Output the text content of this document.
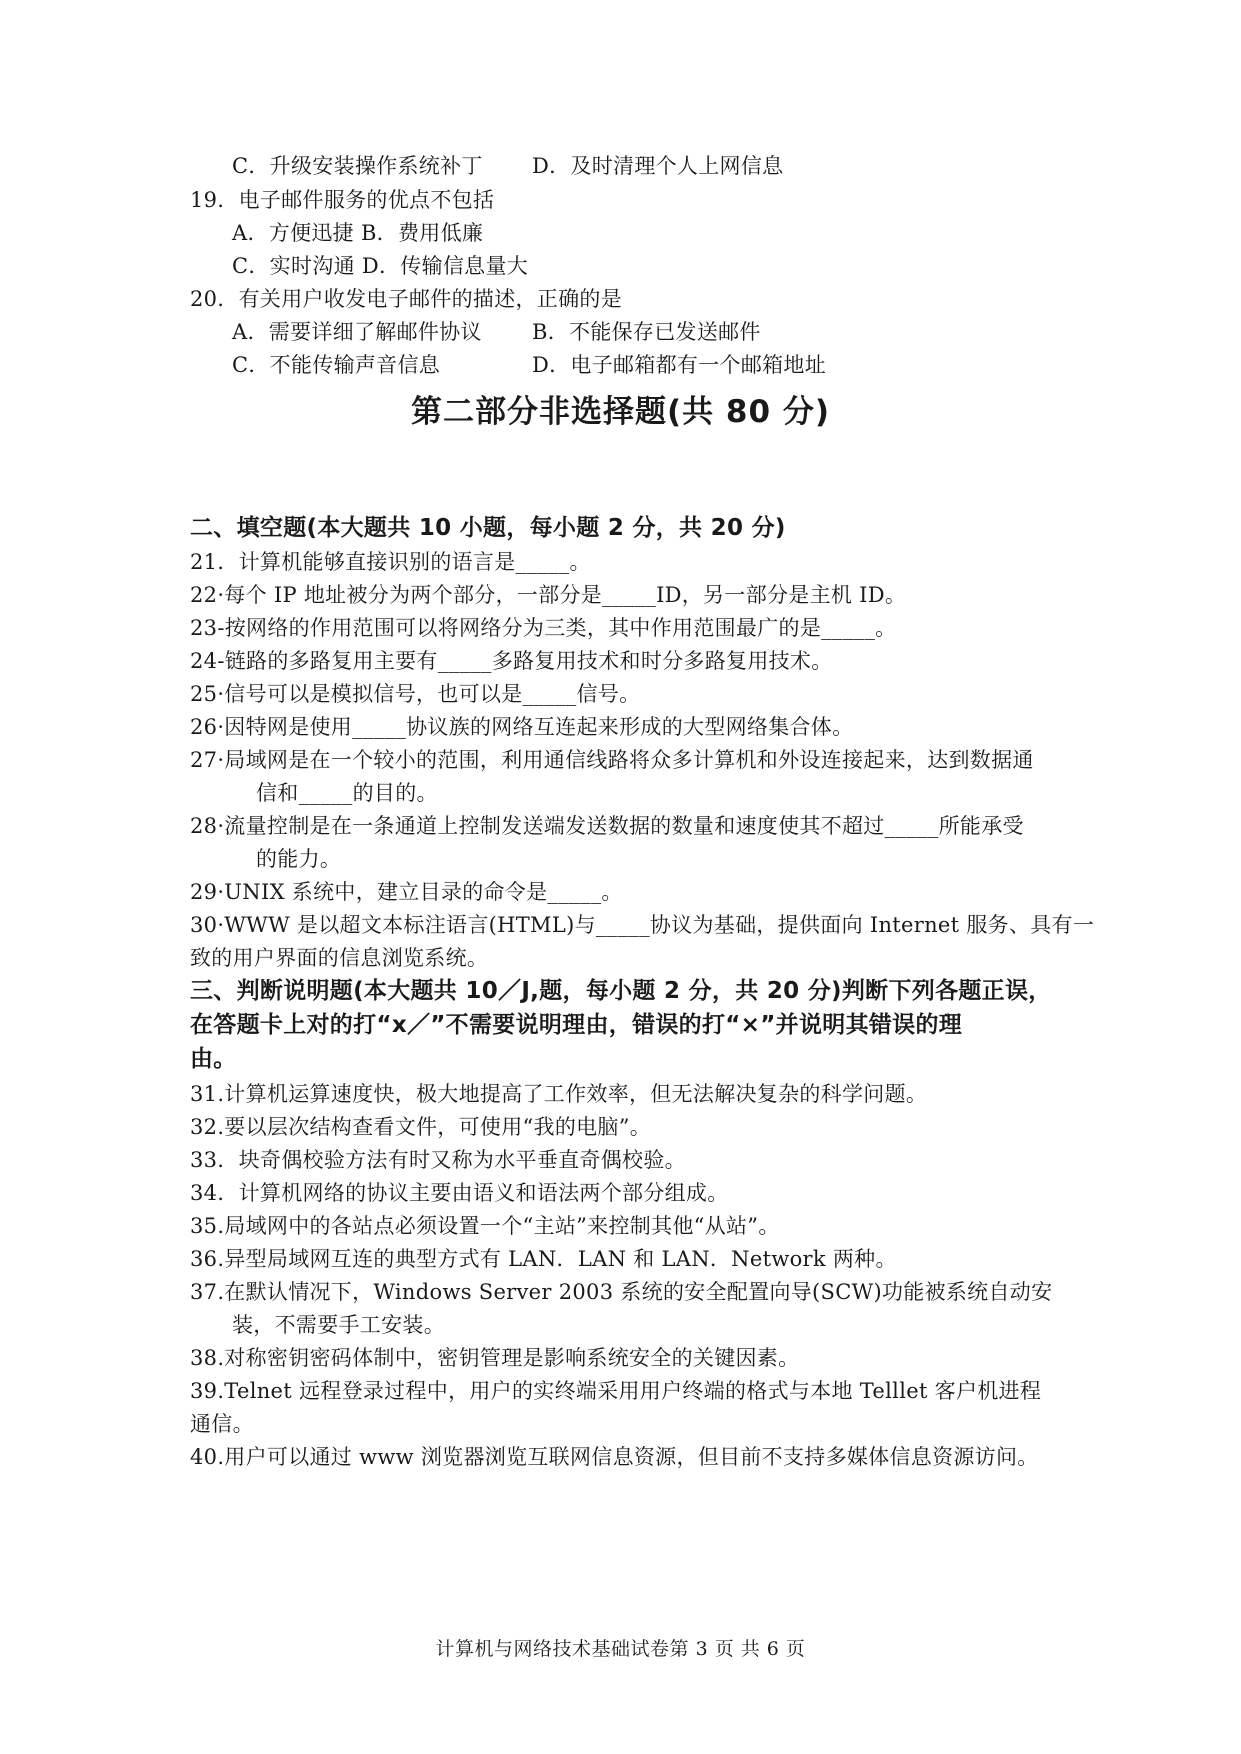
C．升级安装操作系统补丁 D．及时清理个人上网信息
19．电子邮件服务的优点不包括
A．方便迅捷 B．费用低廉
C．实时沟通 D．传输信息量大
20．有关用户收发电子邮件的描述，正确的是
A．需要详细了解邮件协议 B．不能保存已发送邮件
C．不能传输声音信息	D．电子邮箱都有一个邮箱地址
第二部分非选择题(共 80 分)
二、填空题(本大题共 10 小题，每小题 2 分，共 20 分)
21．计算机能够直接识别的语言是_____。
22·每个 IP 地址被分为两个部分，一部分是_____ID，另一部分是主机 ID。
23-按网络的作用范围可以将网络分为三类，其中作用范围最广的是_____。
24-链路的多路复用主要有_____多路复用技术和时分多路复用技术。
25·信号可以是模拟信号，也可以是_____信号。
26·因特网是使用_____协议族的网络互连起来形成的大型网络集合体。
27·局域网是在一个较小的范围，利用通信线路将众多计算机和外设连接起来，达到数据通
信和_____的目的。
28·流量控制是在一条通道上控制发送端发送数据的数量和速度使其不超过_____所能承受
的能力。
29·UNIX 系统中，建立目录的命令是_____。
30·WWW 是以超文本标注语言(HTML)与_____协议为基础，提供面向 Internet 服务、具有一
致的用户界面的信息浏览系统。
三、判断说明题(本大题共 10／J,题，每小题 2 分，共 20 分)判断下列各题正误，
在答题卡上对的打“x／”不需要说明理由，错误的打“×”并说明其错误的理
由。
31.计算机运算速度快，极大地提高了工作效率，但无法解决复杂的科学问题。
32.要以层次结构查看文件，可使用“我的电脑”。
33．块奇偶校验方法有时又称为水平垂直奇偶校验。
34．计算机网络的协议主要由语义和语法两个部分组成。
35.局域网中的各站点必须设置一个“主站”来控制其他“从站”。
36.异型局域网互连的典型方式有 LAN．LAN 和 LAN．Network 两种。
37.在默认情况下，Windows Server 2003 系统的安全配置向导(SCW)功能被系统自动安
装，不需要手工安装。
38.对称密钥密码体制中，密钥管理是影响系统安全的关键因素。
39.Telnet 远程登录过程中，用户的实终端采用用户终端的格式与本地 Telllet 客户机进程
通信。
40.用户可以通过 www 浏览器浏览互联网信息资源，但目前不支持多媒体信息资源访问。
计算机与网络技术基础试卷第 3 页 共 6 页
